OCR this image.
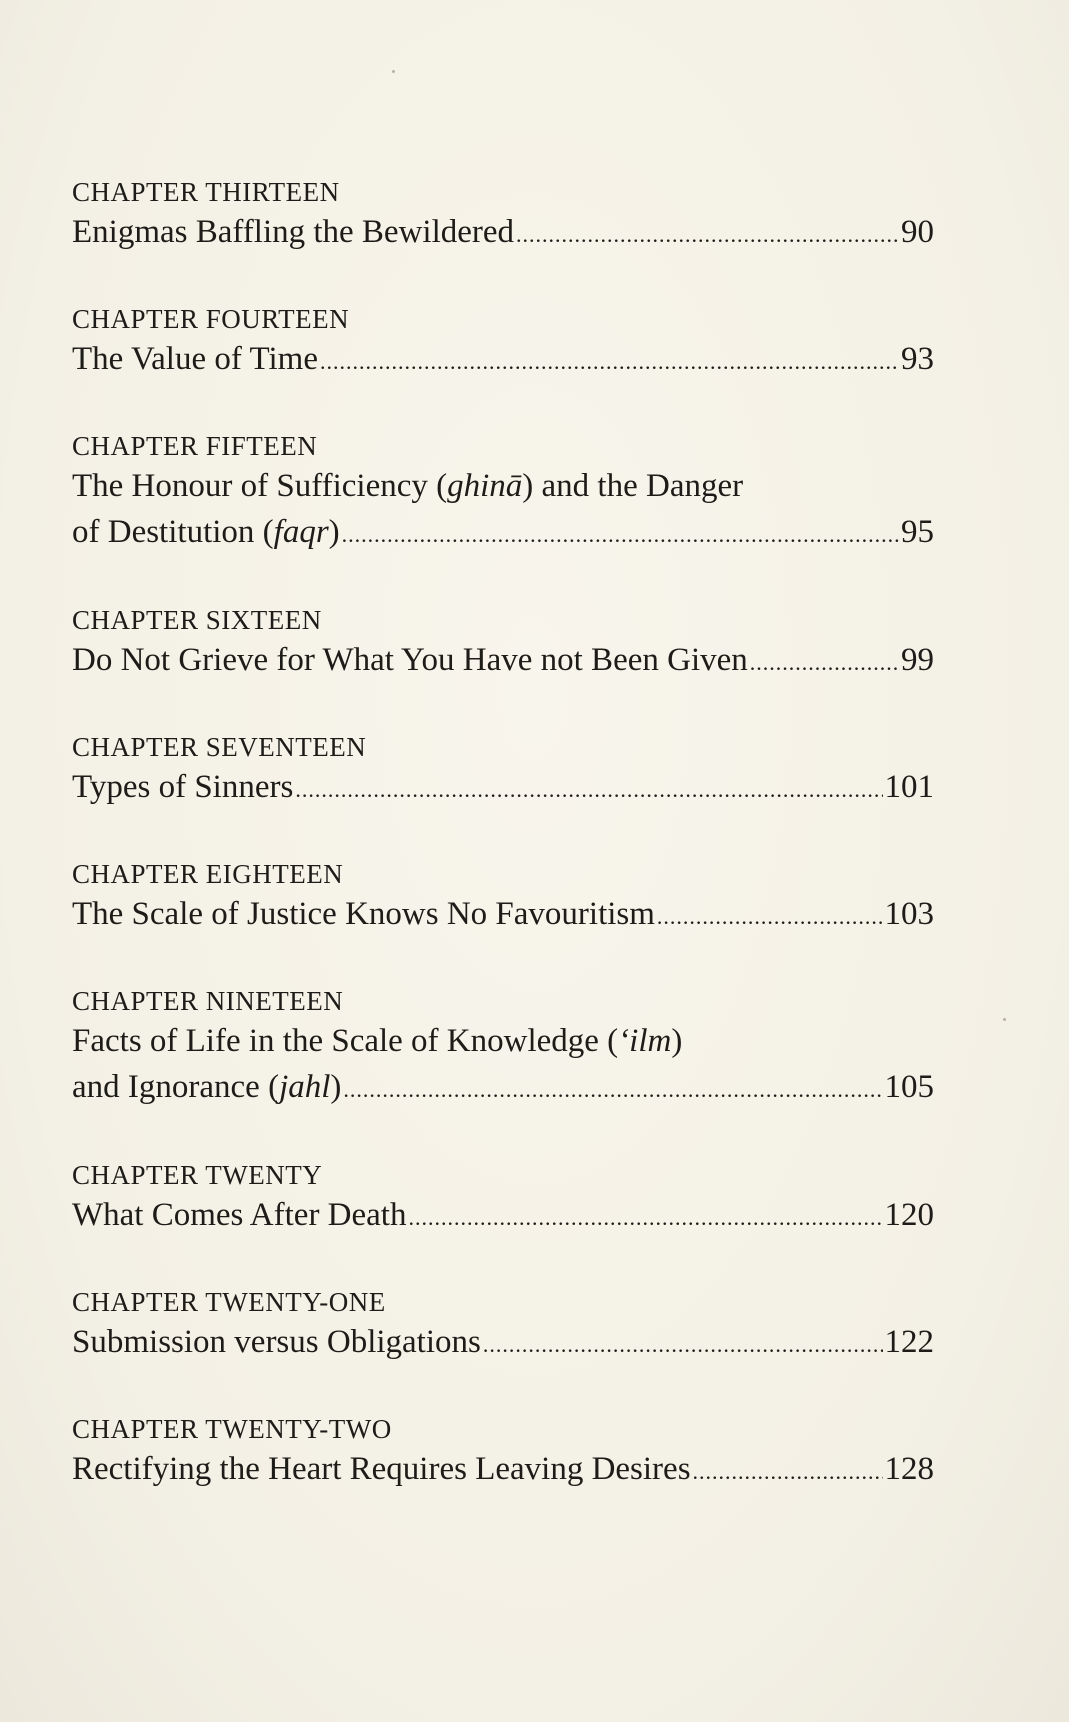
CHAPTER THIRTEEN
Enigmas Baffling the Bewildered .....	90
CHAPTER FOURTEEN
The Value of Time .....	93
CHAPTER FIFTEEN
The Honour of Sufficiency (ghinā) and the Danger
of Destitution (faqr) .....	95
CHAPTER SIXTEEN
Do Not Grieve for What You Have not Been Given .....	99
CHAPTER SEVENTEEN
Types of Sinners .....	101
CHAPTER EIGHTEEN
The Scale of Justice Knows No Favouritism .....	103
CHAPTER NINETEEN
Facts of Life in the Scale of Knowledge (‘ilm)
and Ignorance (jahl) .....	105
CHAPTER TWENTY
What Comes After Death .....	120
CHAPTER TWENTY-ONE
Submission versus Obligations .....	122
CHAPTER TWENTY-TWO
Rectifying the Heart Requires Leaving Desires .....	128
